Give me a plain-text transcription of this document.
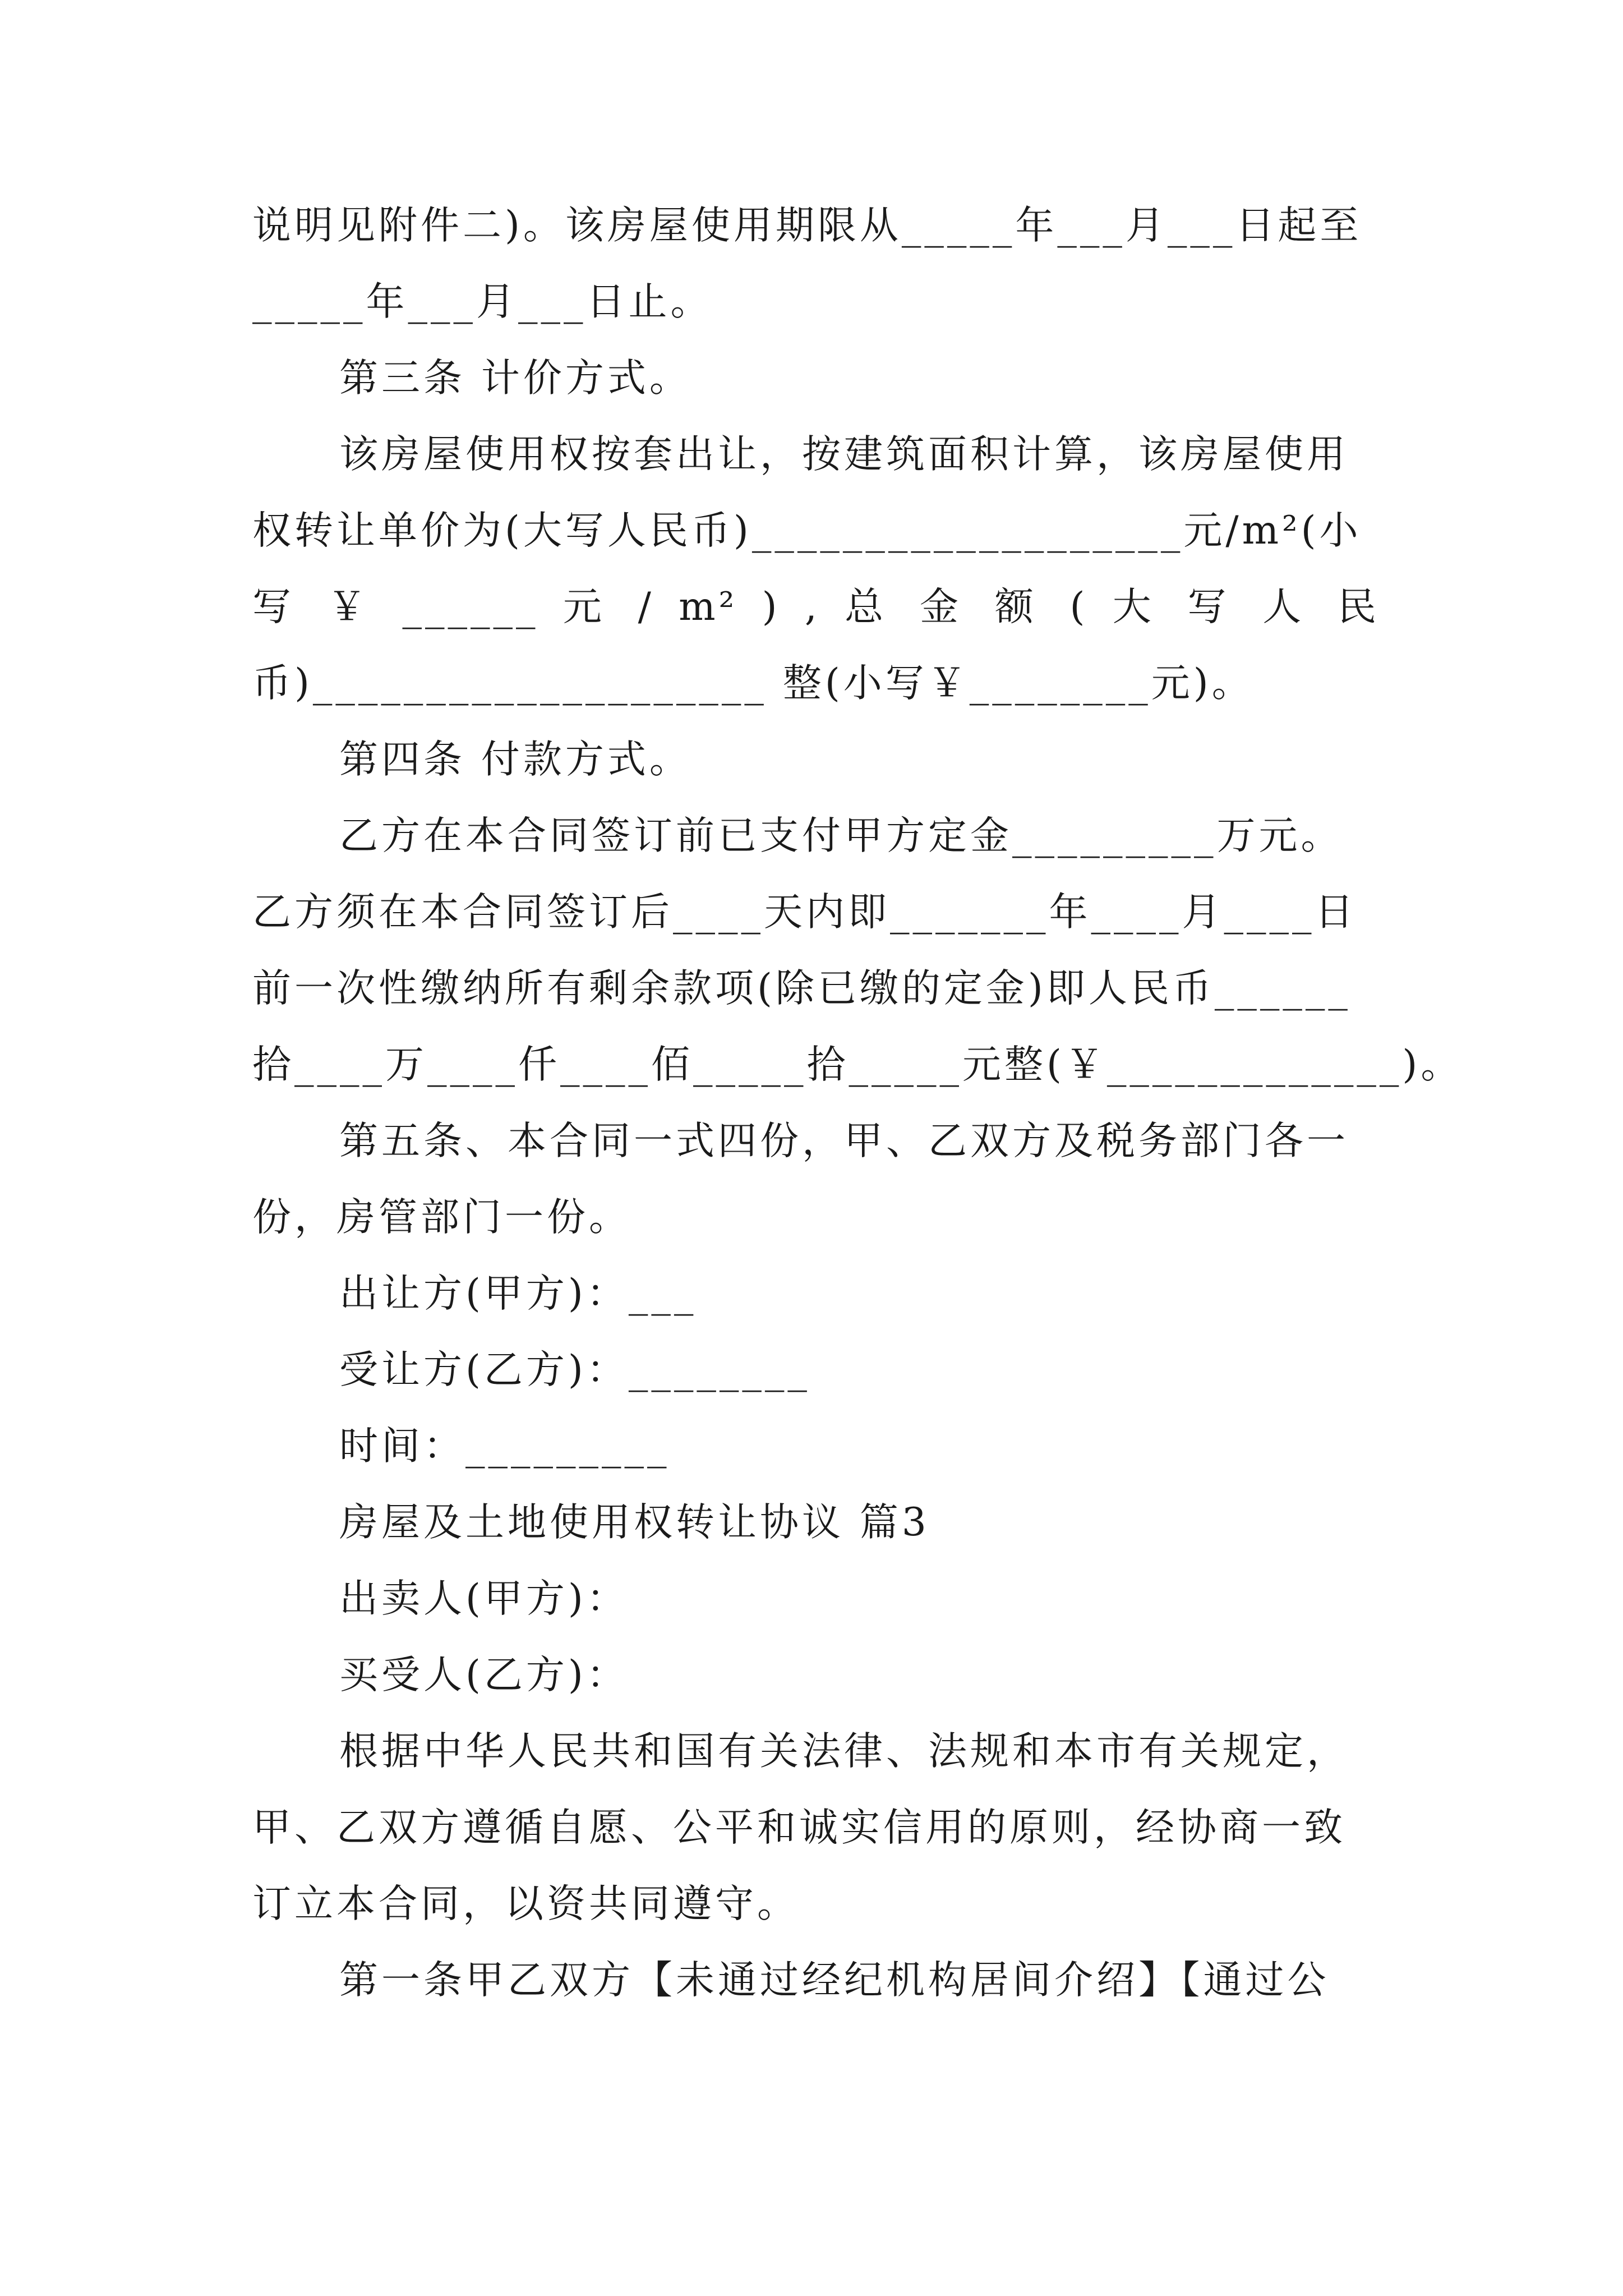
说明见附件二)。该房屋使用期限从_____年___月___日起至
_____年___月___日止。
第三条 计价方式。
该房屋使用权按套出让，按建筑面积计算，该房屋使用
权转让单价为(大写人民币)___________________元/m²(小
写 ￥ ______ 元 / m² ) , 总 金 额 ( 大 写 人 民
币)____________________ 整(小写￥________元)。
第四条 付款方式。
乙方在本合同签订前已支付甲方定金_________万元。
乙方须在本合同签订后____天内即_______年____月____日
前一次性缴纳所有剩余款项(除已缴的定金)即人民币______
拾____万____仟____佰_____拾_____元整(￥_____________)。
第五条、本合同一式四份，甲、乙双方及税务部门各一
份，房管部门一份。
出让方(甲方)：___
受让方(乙方)：________
时间：_________
房屋及土地使用权转让协议 篇3
出卖人(甲方)：
买受人(乙方)：
根据中华人民共和国有关法律、法规和本市有关规定，
甲、乙双方遵循自愿、公平和诚实信用的原则，经协商一致
订立本合同，以资共同遵守。
第一条甲乙双方【未通过经纪机构居间介绍】【通过公
